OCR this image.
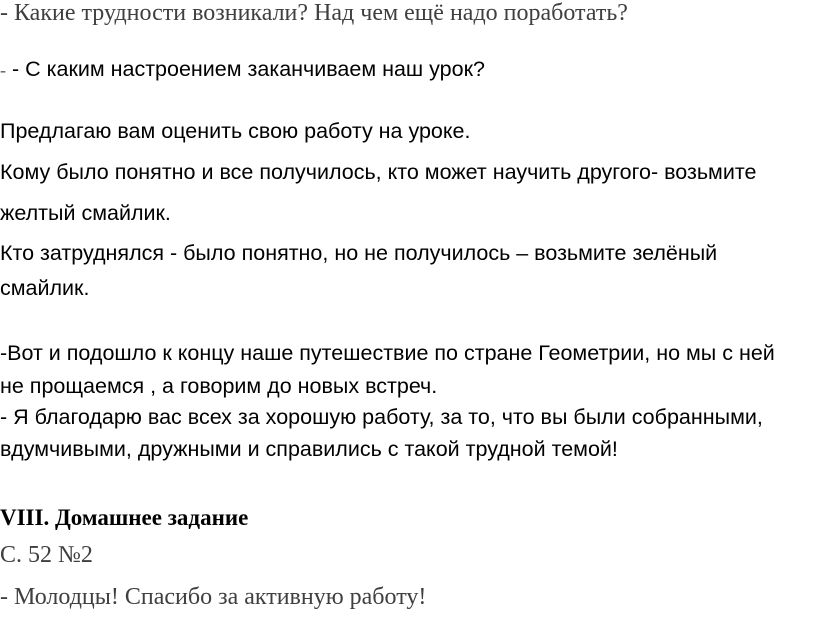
- Какие трудности возникали? Над чем ещё надо поработать?
- - С каким настроением заканчиваем наш урок?
Предлагаю вам оценить свою работу на уроке.
Кому было понятно и все получилось, кто может научить другого- возьмите
желтый смайлик.
Кто затруднялся - было понятно, но не получилось – возьмите зелёный
смайлик.
-Вот и подошло к концу наше путешествие по стране Геометрии, но мы с ней
не прощаемся , а говорим до новых встреч.
- Я благодарю вас всех за хорошую работу, за то, что вы были собранными,
вдумчивыми, дружными и справились с такой трудной темой!
VIII. Домашнее задание
С. 52 №2
- Молодцы! Спасибо за активную работу!
